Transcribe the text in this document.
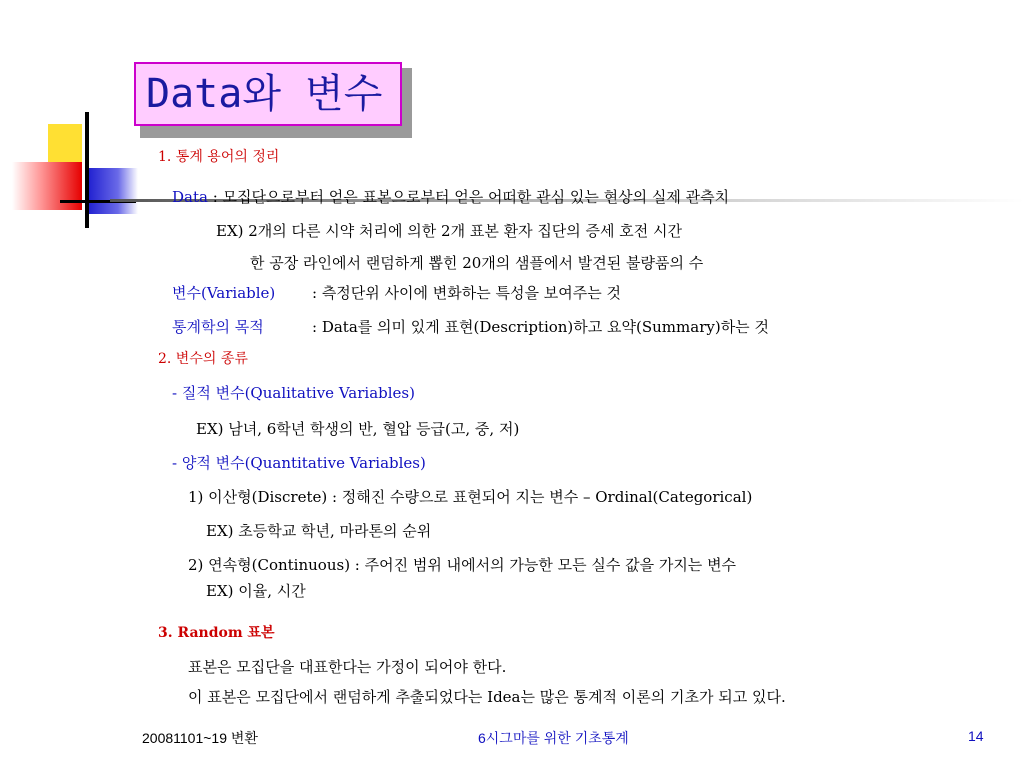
Data와 변수
1. 통계 용어의 정리
Data : 모집단으로부터 얻은 표본으로부터 얻은 어떠한 관심 있는 현상의 실제 관측치
EX) 2개의 다른 시약 처리에 의한 2개 표본 환자 집단의 증세 호전 시간
한 공장 라인에서 랜덤하게 뽑힌 20개의 샘플에서 발견된 불량품의 수
변수(Variable) : 측정단위 사이에 변화하는 특성을 보여주는 것
통계학의 목적	: Data를 의미 있게 표현(Description)하고 요약(Summary)하는 것
2. 변수의 종류
- 질적 변수(Qualitative Variables)
EX) 남녀, 6학년 학생의 반, 혈압 등급(고, 중, 저)
- 양적 변수(Quantitative Variables)
1) 이산형(Discrete) : 정해진 수량으로 표현되어 지는 변수 – Ordinal(Categorical)
EX) 초등학교 학년, 마라톤의 순위
2) 연속형(Continuous) : 주어진 범위 내에서의 가능한 모든 실수 값을 가지는 변수
EX) 이율, 시간
3. Random 표본
표본은 모집단을 대표한다는 가정이 되어야 한다.
이 표본은 모집단에서 랜덤하게 추출되었다는 Idea는 많은 통계적 이론의 기초가 되고 있다.
20081101~19 변환	6시그마를 위한 기초통계	14
